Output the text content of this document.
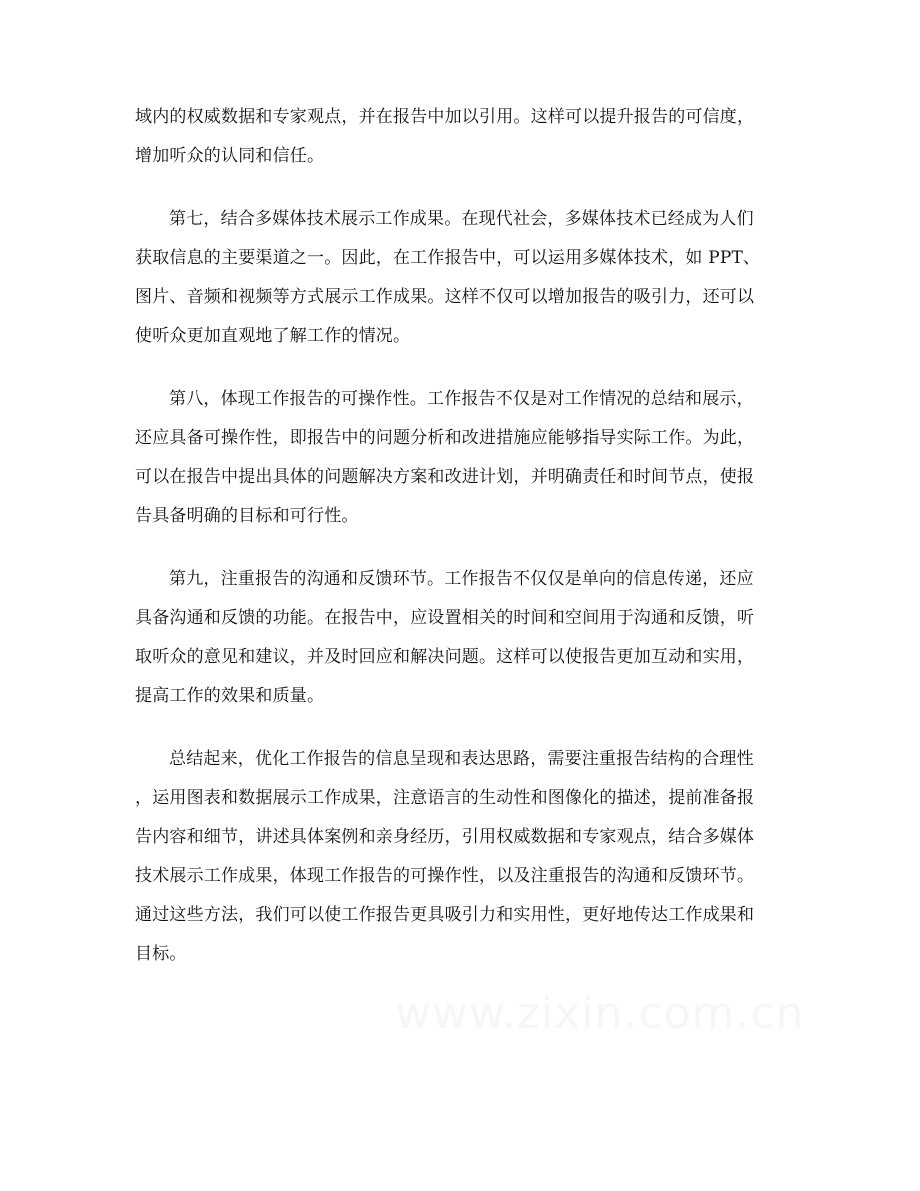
域内的权威数据和专家观点，并在报告中加以引用。这样可以提升报告的可信度，
增加听众的认同和信任。
第七，结合多媒体技术展示工作成果。在现代社会，多媒体技术已经成为人们
获取信息的主要渠道之一。因此，在工作报告中，可以运用多媒体技术，如 PPT、
图片、音频和视频等方式展示工作成果。这样不仅可以增加报告的吸引力，还可以
使听众更加直观地了解工作的情况。
第八，体现工作报告的可操作性。工作报告不仅是对工作情况的总结和展示，
还应具备可操作性，即报告中的问题分析和改进措施应能够指导实际工作。为此，
可以在报告中提出具体的问题解决方案和改进计划，并明确责任和时间节点，使报
告具备明确的目标和可行性。
第九，注重报告的沟通和反馈环节。工作报告不仅仅是单向的信息传递，还应
具备沟通和反馈的功能。在报告中，应设置相关的时间和空间用于沟通和反馈，听
取听众的意见和建议，并及时回应和解决问题。这样可以使报告更加互动和实用，
提高工作的效果和质量。
总结起来，优化工作报告的信息呈现和表达思路，需要注重报告结构的合理性
，运用图表和数据展示工作成果，注意语言的生动性和图像化的描述，提前准备报
告内容和细节，讲述具体案例和亲身经历，引用权威数据和专家观点，结合多媒体
技术展示工作成果，体现工作报告的可操作性，以及注重报告的沟通和反馈环节。
通过这些方法，我们可以使工作报告更具吸引力和实用性，更好地传达工作成果和
目标。
www.zixin.com.cn
